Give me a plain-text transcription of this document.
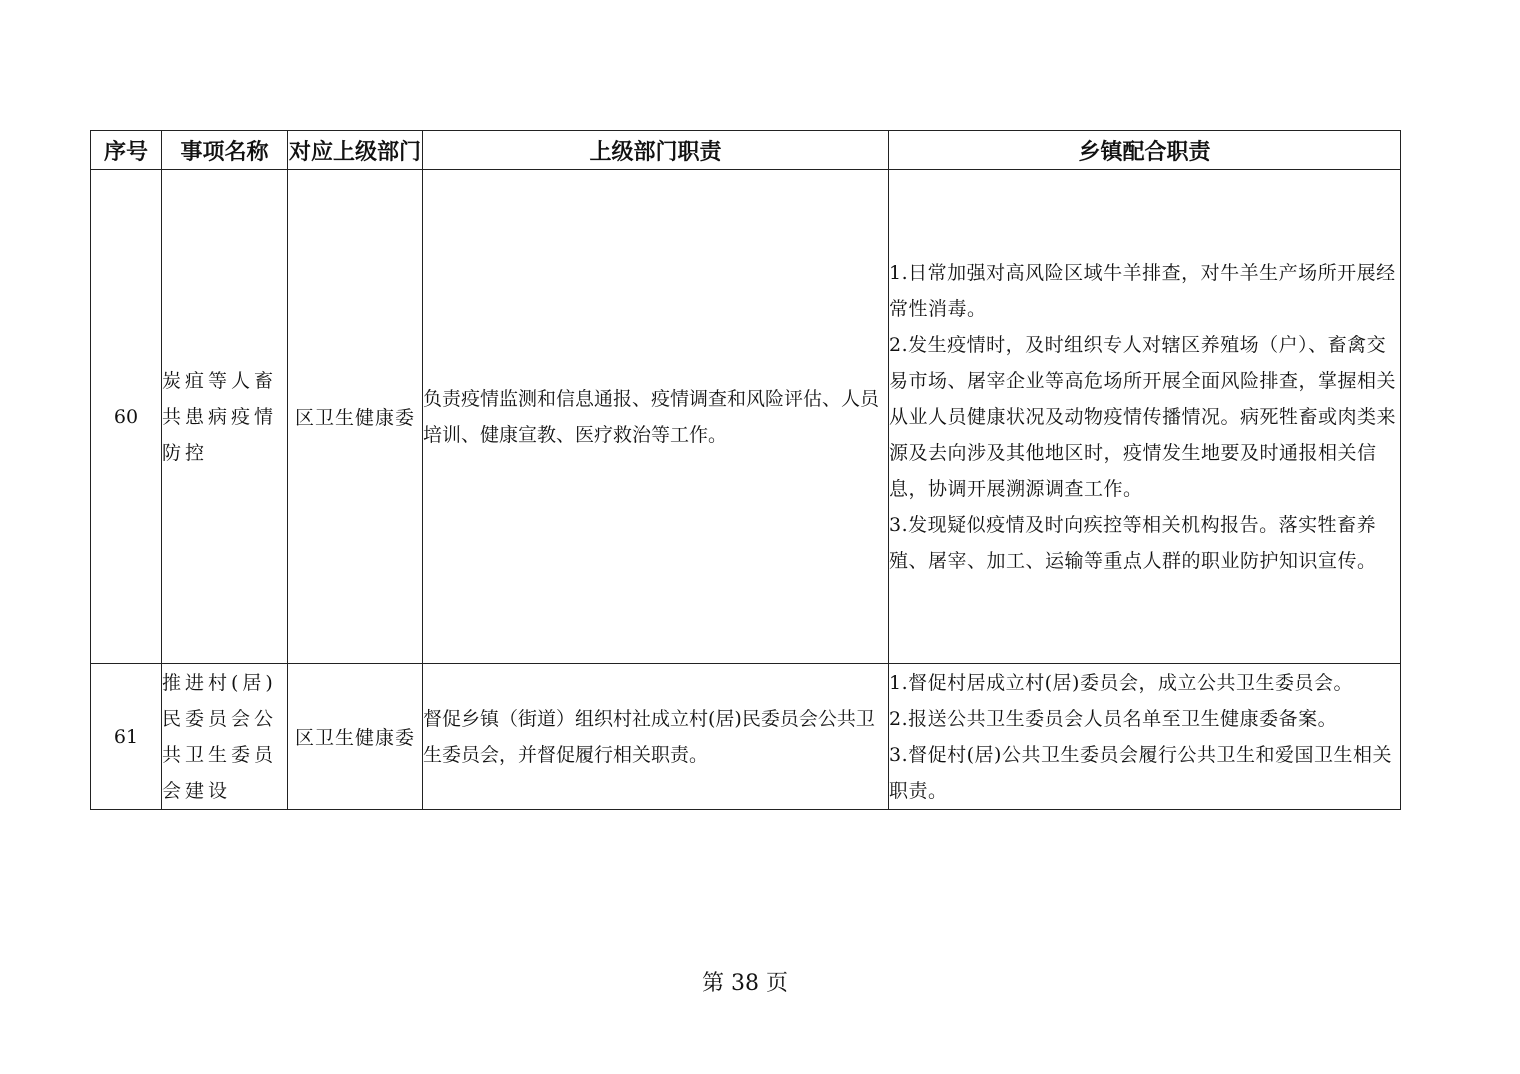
序号	事项名称	对应上级部门	上级部门职责	乡镇配合职责
60	炭疽等人畜共患病疫情防控	区卫生健康委	负责疫情监测和信息通报、疫情调查和风险评估、人员培训、健康宣教、医疗救治等工作。	1.日常加强对高风险区域牛羊排查，对牛羊生产场所开展经常性消毒。
2.发生疫情时，及时组织专人对辖区养殖场（户）、畜禽交易市场、屠宰企业等高危场所开展全面风险排查，掌握相关从业人员健康状况及动物疫情传播情况。病死牲畜或肉类来源及去向涉及其他地区时，疫情发生地要及时通报相关信息，协调开展溯源调查工作。
3.发现疑似疫情及时向疾控等相关机构报告。落实牲畜养殖、屠宰、加工、运输等重点人群的职业防护知识宣传。

61	推进村(居)民委员会公共卫生委员会建设	区卫生健康委	督促乡镇（街道）组织村社成立村(居)民委员会公共卫生委员会，并督促履行相关职责。	1.督促村居成立村(居)委员会，成立公共卫生委员会。
2.报送公共卫生委员会人员名单至卫生健康委备案。
3.督促村(居)公共卫生委员会履行公共卫生和爱国卫生相关职责。
第 38 页
